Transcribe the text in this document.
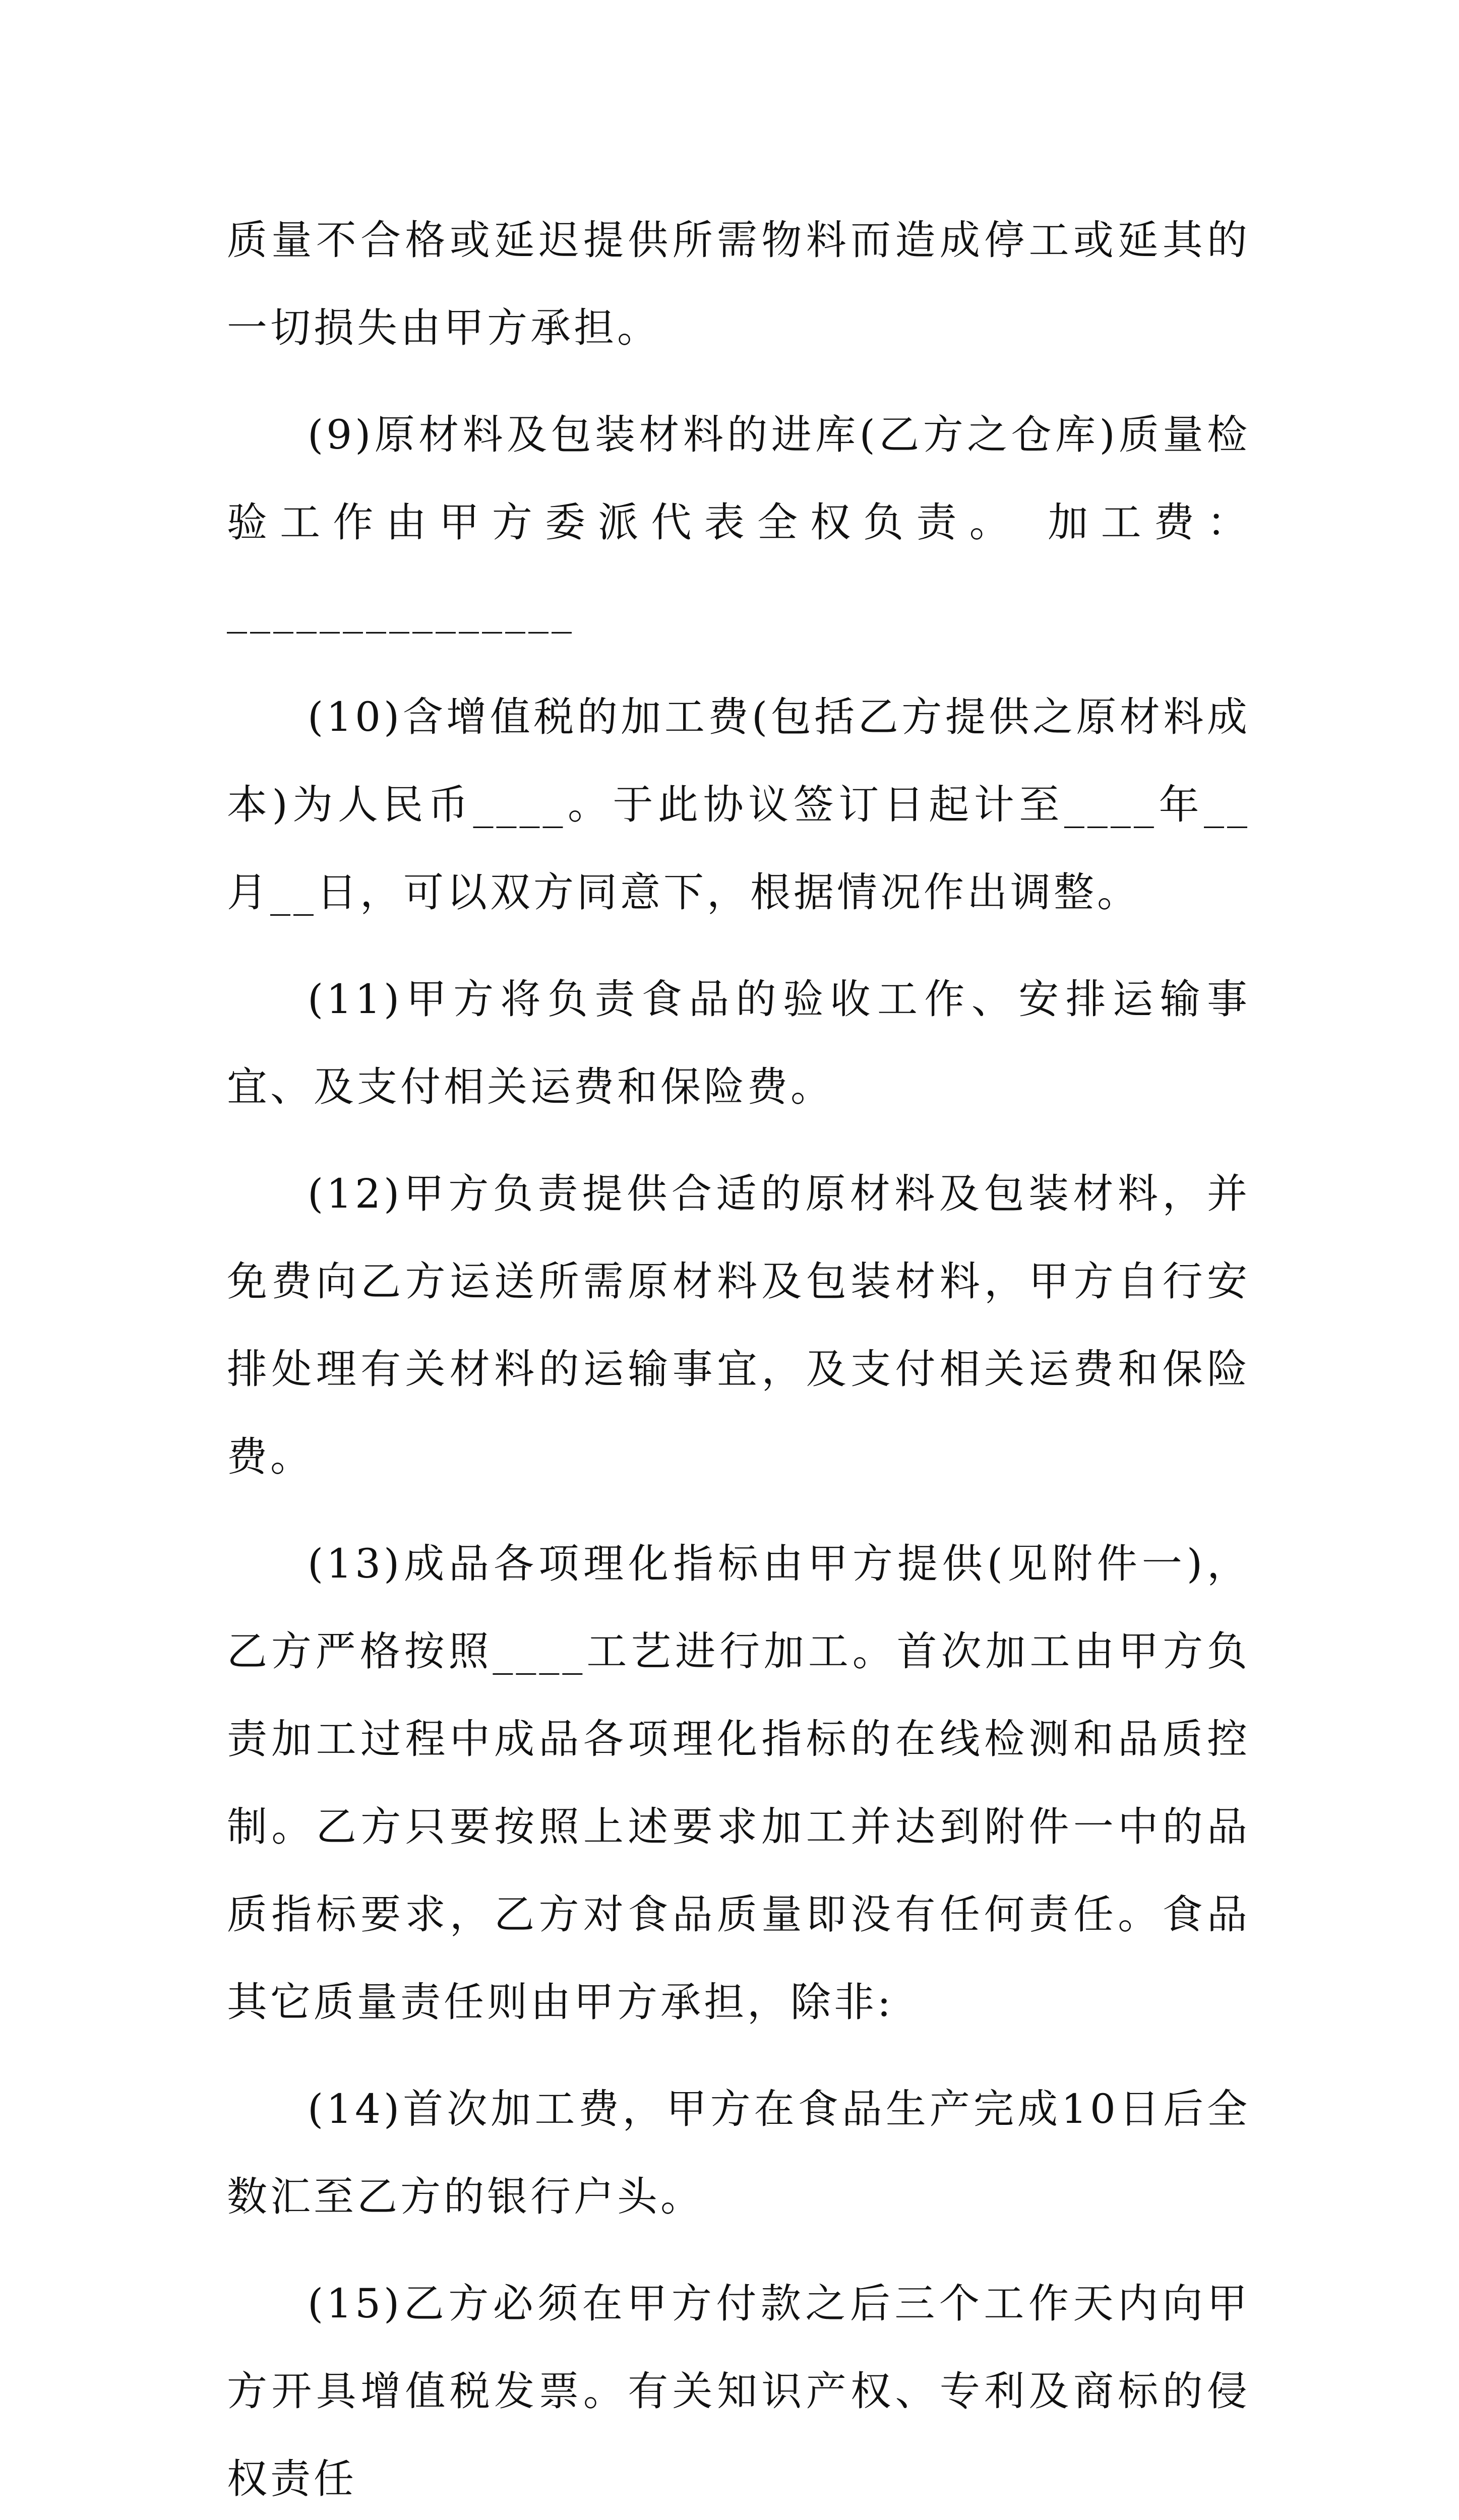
质量不合格或延迟提供所需物料而造成停工或延其的一切损失由甲方承担。

(9)原材料及包装材料的进库(乙方之仓库)质量检验工作由甲方委派代表全权负责。 加工费：_______________

(10)含增值税的加工费(包括乙方提供之原材料成本)为人民币____。于此协议签订日起计至____年__月__日，可以双方同意下，根据情况作出调整。

(11)甲方将负责食品的验收工作、安排运输事宜、及支付相关运费和保险费。

(12)甲方负责提供合适的原材料及包装材料，并免费向乙方运送所需原材料及包装材料，甲方自行安排处理有关材料的运输事宜，及支付相关运费和保险费。

(13)成品各项理化指标由甲方提供(见附件一)，乙方严格按照____工艺进行加工。首次加工由甲方负责加工过程中成品各项理化指标的在线检测和品质控制。乙方只要按照上述要求加工并达到附件一中的品质指标要求，乙方对食品质量即没有任何责任。食品其它质量责任则由甲方承担，除非:

(14)首次加工费，甲方在食品生产完成10日后全数汇至乙方的银行户头。

(15)乙方必须在甲方付款之后三个工作天内向甲方开具增值税发票。有关知识产权、专利及商标的侵权责任
